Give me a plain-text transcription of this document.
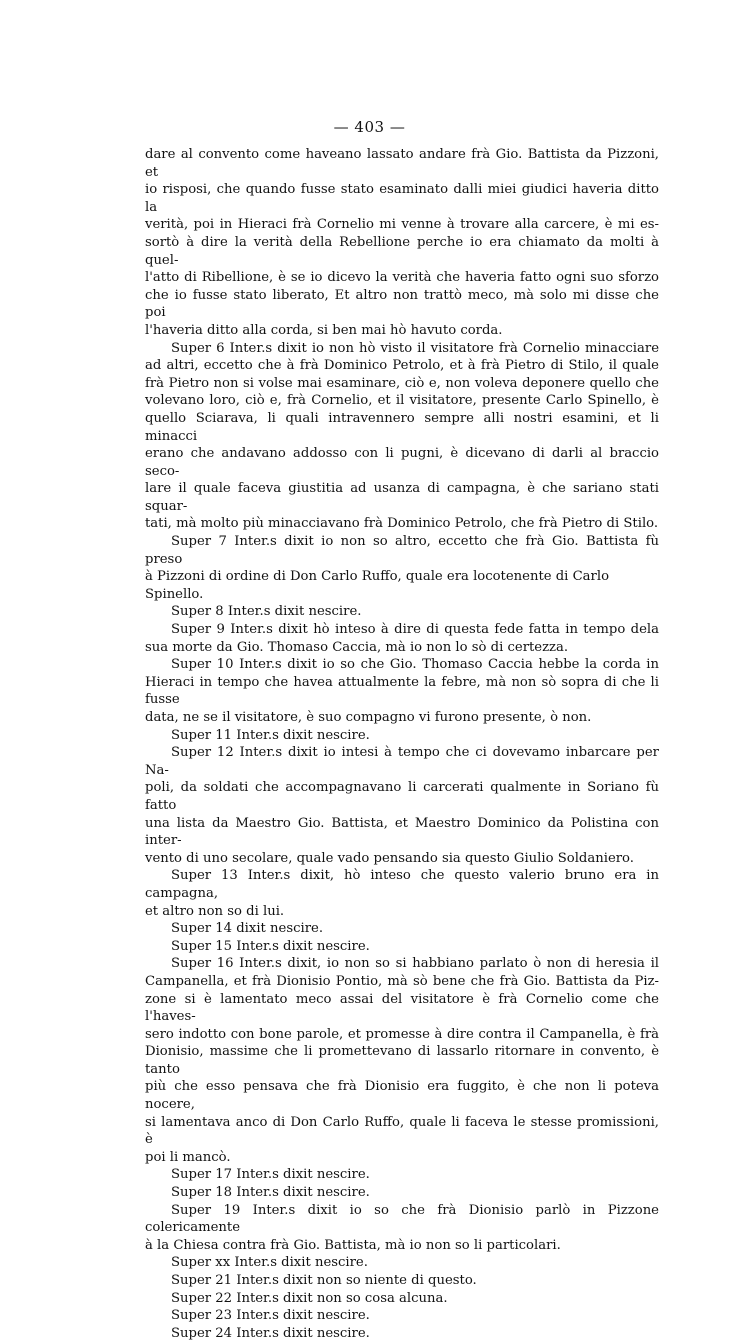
— 403 —

dare al convento come haveano lassato andare frà Gio. Battista da Pizzoni, et

io risposi, che quando fusse stato esaminato dalli miei giudici haveria ditto la

verità, poi in Hieraci frà Cornelio mi venne à trovare alla carcere, è mi es-

sortò à dire la verità della Rebellione perche io era chiamato da molti à quel-

l'atto di Ribellione, è se io dicevo la verità che haveria fatto ogni suo sforzo

che io fusse stato liberato, Et altro non trattò meco, mà solo mi disse che poi

l'haveria ditto alla corda, si ben mai hò havuto corda.

Super 6 Inter.s dixit io non hò visto il visitatore frà Cornelio minacciare

ad altri, eccetto che à frà Dominico Petrolo, et à frà Pietro di Stilo, il quale

frà Pietro non si volse mai esaminare, ciò e, non voleva deponere quello che

volevano loro, ciò e, frà Cornelio, et il visitatore, presente Carlo Spinello, è

quello Sciarava, li quali intravennero sempre alli nostri esamini, et li minacci

erano che andavano addosso con li pugni, è dicevano di darli al braccio seco-

lare il quale faceva giustitia ad usanza di campagna, è che sariano stati squar-

tati, mà molto più minacciavano frà Dominico Petrolo, che frà Pietro di Stilo.

Super 7 Inter.s dixit io non so altro, eccetto che frà Gio. Battista fù preso

à Pizzoni di ordine di Don Carlo Ruffo, quale era locotenente di Carlo Spinello.

Super 8 Inter.s dixit nescire.

Super 9 Inter.s dixit hò inteso à dire di questa fede fatta in tempo dela

sua morte da Gio. Thomaso Caccia, mà io non lo sò di certezza.

Super 10 Inter.s dixit io so che Gio. Thomaso Caccia hebbe la corda in

Hieraci in tempo che havea attualmente la febre, mà non sò sopra di che li fusse

data, ne se il visitatore, è suo compagno vi furono presente, ò non.

Super 11 Inter.s dixit nescire.

Super 12 Inter.s dixit io intesi à tempo che ci dovevamo inbarcare per Na-

poli, da soldati che accompagnavano li carcerati qualmente in Soriano fù fatto

una lista da Maestro Gio. Battista, et Maestro Dominico da Polistina con inter-

vento di uno secolare, quale vado pensando sia questo Giulio Soldaniero.

Super 13 Inter.s dixit, hò inteso che questo valerio bruno era in campagna,

et altro non so di lui.

Super 14 dixit nescire.

Super 15 Inter.s dixit nescire.

Super 16 Inter.s dixit, io non so si habbiano parlato ò non di heresia il

Campanella, et frà Dionisio Pontio, mà sò bene che frà Gio. Battista da Piz-

zone si è lamentato meco assai del visitatore è frà Cornelio come che l'haves-

sero indotto con bone parole, et promesse à dire contra il Campanella, è frà

Dionisio, massime che li promettevano di lassarlo ritornare in convento, è tanto

più che esso pensava che frà Dionisio era fuggito, è che non li poteva nocere,

si lamentava anco di Don Carlo Ruffo, quale li faceva le stesse promissioni, è

poi li mancò.

Super 17 Inter.s dixit nescire.

Super 18 Inter.s dixit nescire.

Super 19 Inter.s dixit io so che frà Dionisio parlò in Pizzone colericamente

à la Chiesa contra frà Gio. Battista, mà io non so li particolari.

Super xx Inter.s dixit nescire.

Super 21 Inter.s dixit non so niente di questo.

Super 22 Inter.s dixit non so cosa alcuna.

Super 23 Inter.s dixit nescire.

Super 24 Inter.s dixit nescire.
